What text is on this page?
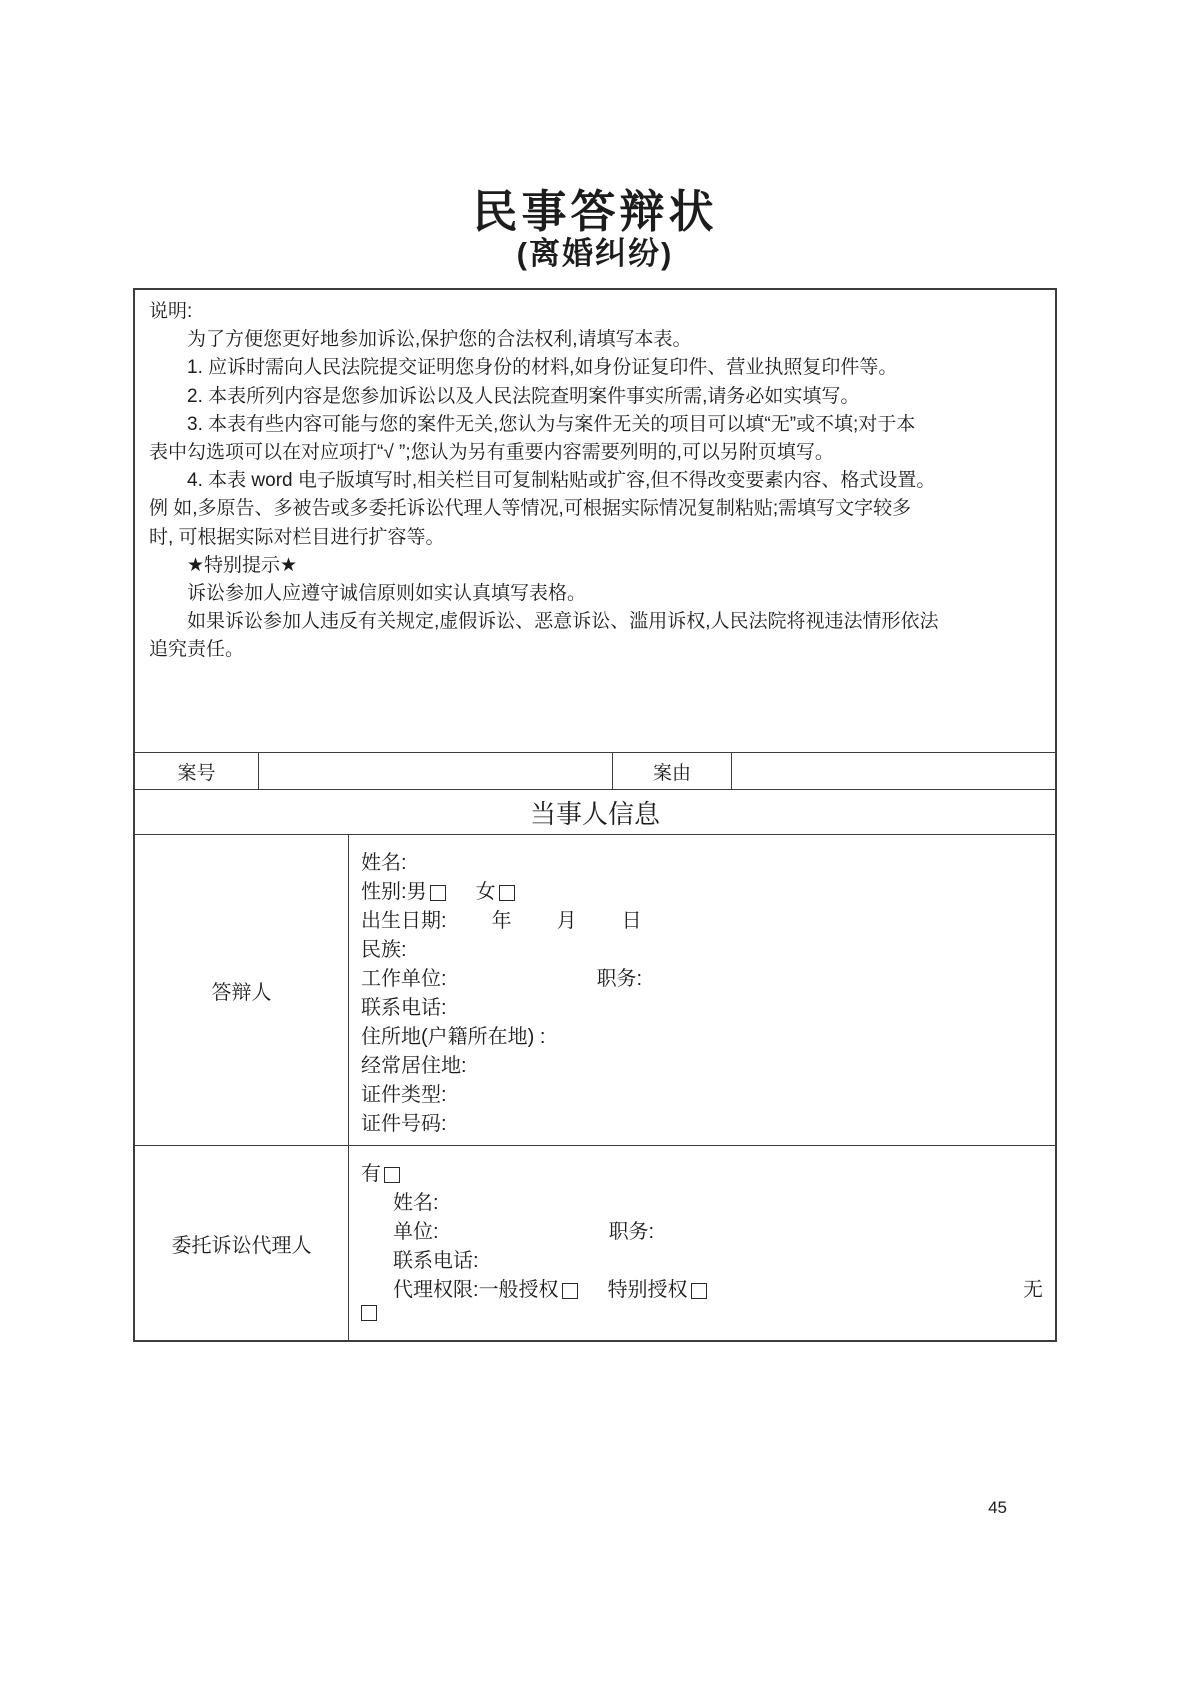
民事答辩状
(离婚纠纷)
说明:
为了方便您更好地参加诉讼,保护您的合法权利,请填写本表。
1. 应诉时需向人民法院提交证明您身份的材料,如身份证复印件、营业执照复印件等。
2. 本表所列内容是您参加诉讼以及人民法院查明案件事实所需,请务必如实填写。
3. 本表有些内容可能与您的案件无关,您认为与案件无关的项目可以填“无”或不填;对于本
表中勾选项可以在对应项打“√ ”;您认为另有重要内容需要列明的,可以另附页填写。
4. 本表 word 电子版填写时,相关栏目可复制粘贴或扩容,但不得改变要素内容、格式设置。
例 如,多原告、多被告或多委托诉讼代理人等情况,可根据实际情况复制粘贴;需填写文字较多
时, 可根据实际对栏目进行扩容等。
★特别提示★
诉讼参加人应遵守诚信原则如实认真填写表格。
如果诉讼参加人违反有关规定,虚假诉讼、恶意诉讼、滥用诉权,人民法院将视违法情形依法
追究责任。
案号	案由
当事人信息
答辩人
姓名:
性别: 男 女
出生日期: 年 月 日
民族:
工作单位:	职务:
联系电话:
住所地(户籍所在地) :
经常居住地:
证件类型:
证件号码:
委托诉讼代理人
有
姓名:
单位:	职务:
联系电话:
代理权限: 一般授权 特别授权	无
45
